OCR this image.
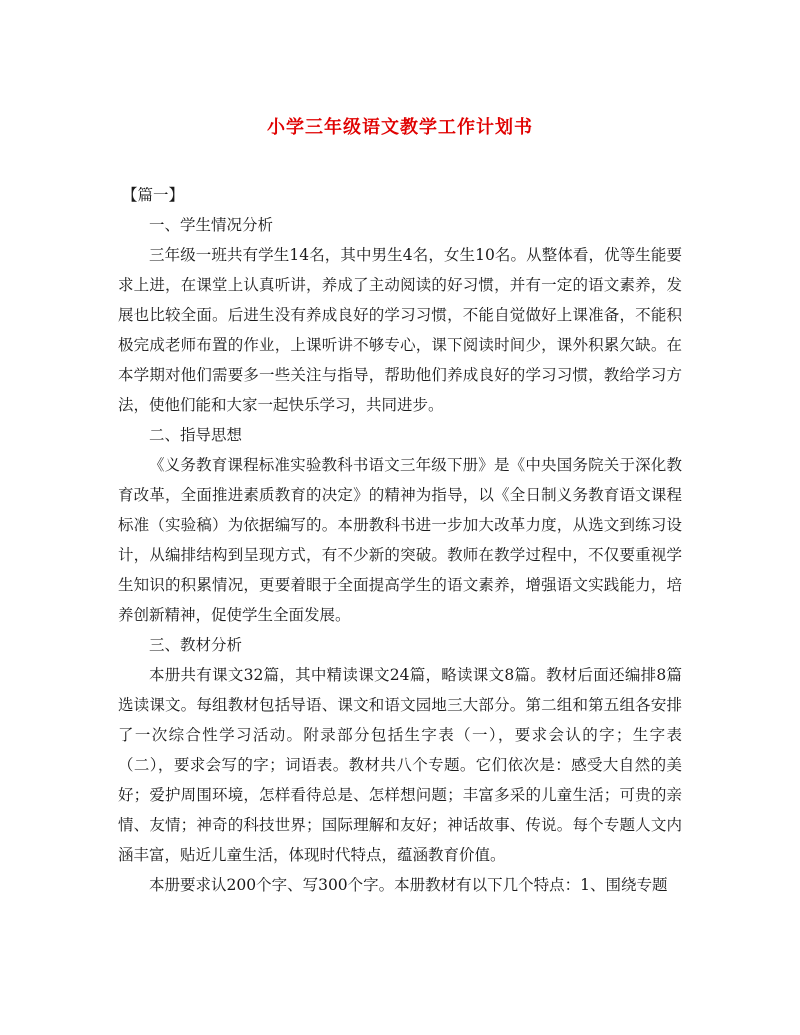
小学三年级语文教学工作计划书
【篇一】
一、学生情况分析

三年级一班共有学生14名，其中男生4名，女生10名。从整体看，优等生能要求上进，在课堂上认真听讲，养成了主动阅读的好习惯，并有一定的语文素养，发展也比较全面。后进生没有养成良好的学习习惯，不能自觉做好上课准备，不能积极完成老师布置的作业，上课听讲不够专心，课下阅读时间少，课外积累欠缺。在本学期对他们需要多一些关注与指导，帮助他们养成良好的学习习惯，教给学习方法，使他们能和大家一起快乐学习，共同进步。

二、指导思想

《义务教育课程标准实验教科书语文三年级下册》是《中央国务院关于深化教育改革，全面推进素质教育的决定》的精神为指导，以《全日制义务教育语文课程标准（实验稿）为依据编写的。本册教科书进一步加大改革力度，从选文到练习设计，从编排结构到呈现方式，有不少新的突破。教师在教学过程中，不仅要重视学生知识的积累情况，更要着眼于全面提高学生的语文素养，增强语文实践能力，培养创新精神，促使学生全面发展。

三、教材分析

本册共有课文32篇，其中精读课文24篇，略读课文8篇。教材后面还编排8篇选读课文。每组教材包括导语、课文和语文园地三大部分。第二组和第五组各安排了一次综合性学习活动。附录部分包括生字表（一），要求会认的字；生字表（二），要求会写的字；词语表。教材共八个专题。它们依次是：感受大自然的美好；爱护周围环境，怎样看待总是、怎样想问题；丰富多采的儿童生活；可贵的亲情、友情；神奇的科技世界；国际理解和友好；神话故事、传说。每个专题人文内涵丰富，贴近儿童生活，体现时代特点，蕴涵教育价值。

本册要求认200个字、写300个字。本册教材有以下几个特点：1、围绕专题
